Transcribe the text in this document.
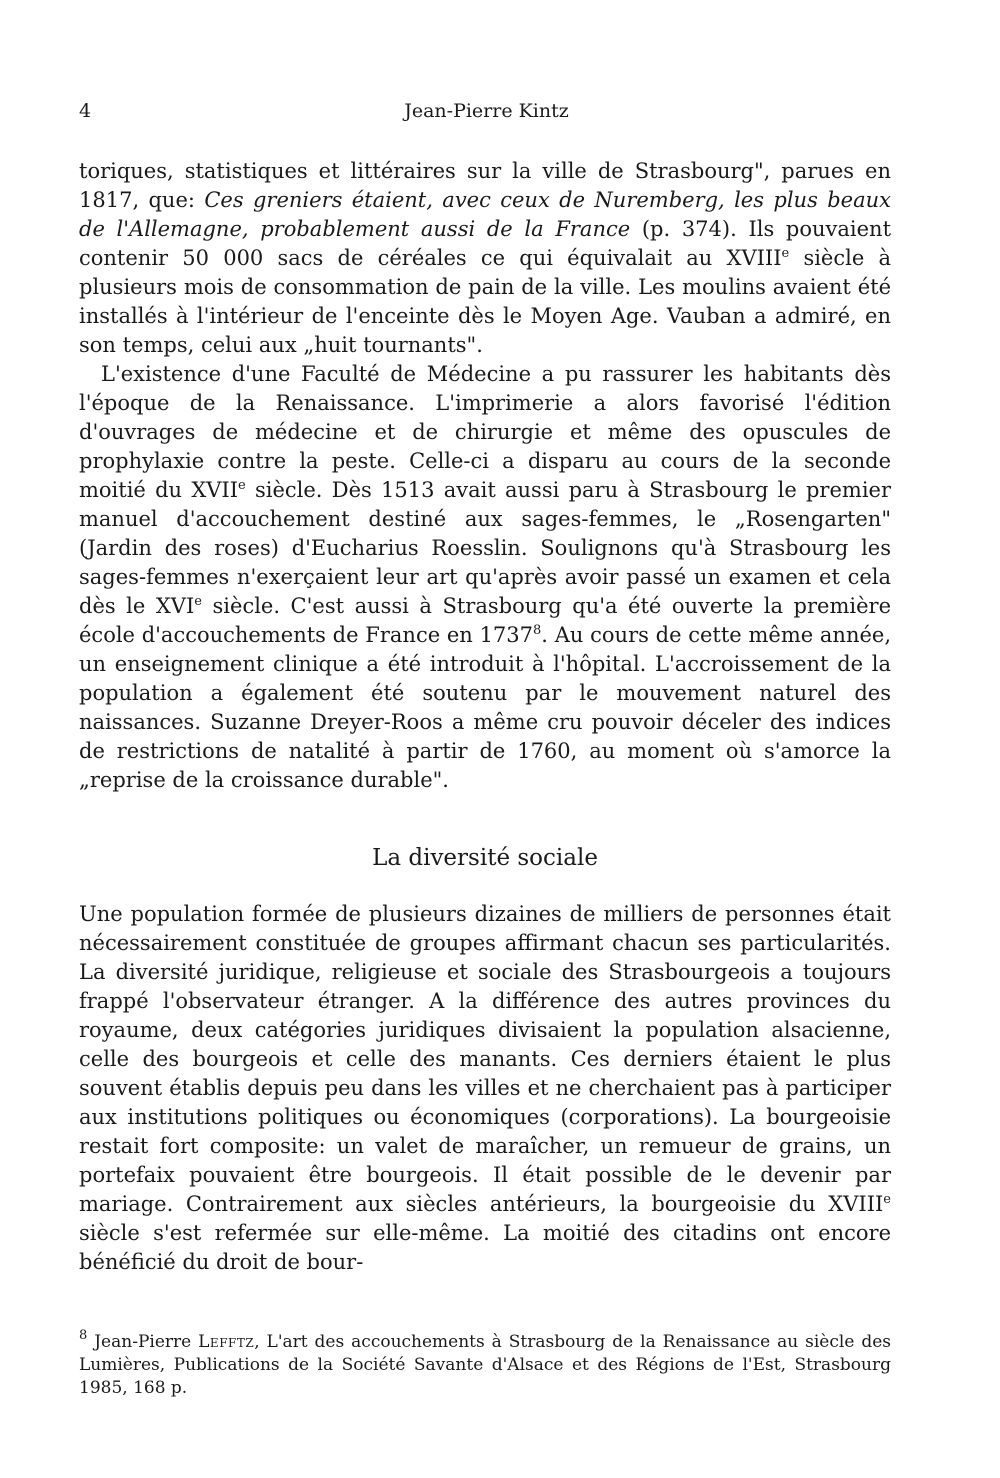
4	Jean-Pierre Kintz

toriques, statistiques et littéraires sur la ville de Strasbourg", parues en 1817, que: Ces greniers étaient, avec ceux de Nuremberg, les plus beaux de l'Allemagne, probablement aussi de la France (p. 374). Ils pouvaient contenir 50 000 sacs de céréales ce qui équivalait au XVIIIe siècle à plusieurs mois de consommation de pain de la ville. Les moulins avaient été installés à l'intérieur de l'enceinte dès le Moyen Age. Vauban a admiré, en son temps, celui aux „huit tournants".

L'existence d'une Faculté de Médecine a pu rassurer les habitants dès l'époque de la Renaissance. L'imprimerie a alors favorisé l'édition d'ouvrages de médecine et de chirurgie et même des opuscules de prophylaxie contre la peste. Celle-ci a disparu au cours de la seconde moitié du XVIIe siècle. Dès 1513 avait aussi paru à Strasbourg le premier manuel d'accouchement destiné aux sages-femmes, le „Rosengarten" (Jardin des roses) d'Eucharius Roesslin. Soulignons qu'à Strasbourg les sages-femmes n'exerçaient leur art qu'après avoir passé un examen et cela dès le XVIe siècle. C'est aussi à Strasbourg qu'a été ouverte la première école d'accouchements de France en 1737$^8$. Au cours de cette même année, un enseignement clinique a été introduit à l'hôpital. L'accroissement de la population a également été soutenu par le mouvement naturel des naissances. Suzanne Dreyer-Roos a même cru pouvoir déceler des indices de restrictions de natalité à partir de 1760, au moment où s'amorce la „reprise de la croissance durable".

La diversité sociale

Une population formée de plusieurs dizaines de milliers de personnes était nécessairement constituée de groupes affirmant chacun ses particularités. La diversité juridique, religieuse et sociale des Strasbourgeois a toujours frappé l'observateur étranger. A la différence des autres provinces du royaume, deux catégories juridiques divisaient la population alsacienne, celle des bourgeois et celle des manants. Ces derniers étaient le plus souvent établis depuis peu dans les villes et ne cherchaient pas à participer aux institutions politiques ou économiques (corporations). La bourgeoisie restait fort composite: un valet de maraîcher, un remueur de grains, un portefaix pouvaient être bourgeois. Il était possible de le devenir par mariage. Contrairement aux siècles antérieurs, la bourgeoisie du XVIIIe siècle s'est refermée sur elle-même. La moitié des citadins ont encore bénéficié du droit de bour-

$^8$ Jean-Pierre Lefftz, L'art des accouchements à Strasbourg de la Renaissance au siècle des Lumières, Publications de la Société Savante d'Alsace et des Régions de l'Est, Strasbourg 1985, 168 p.
